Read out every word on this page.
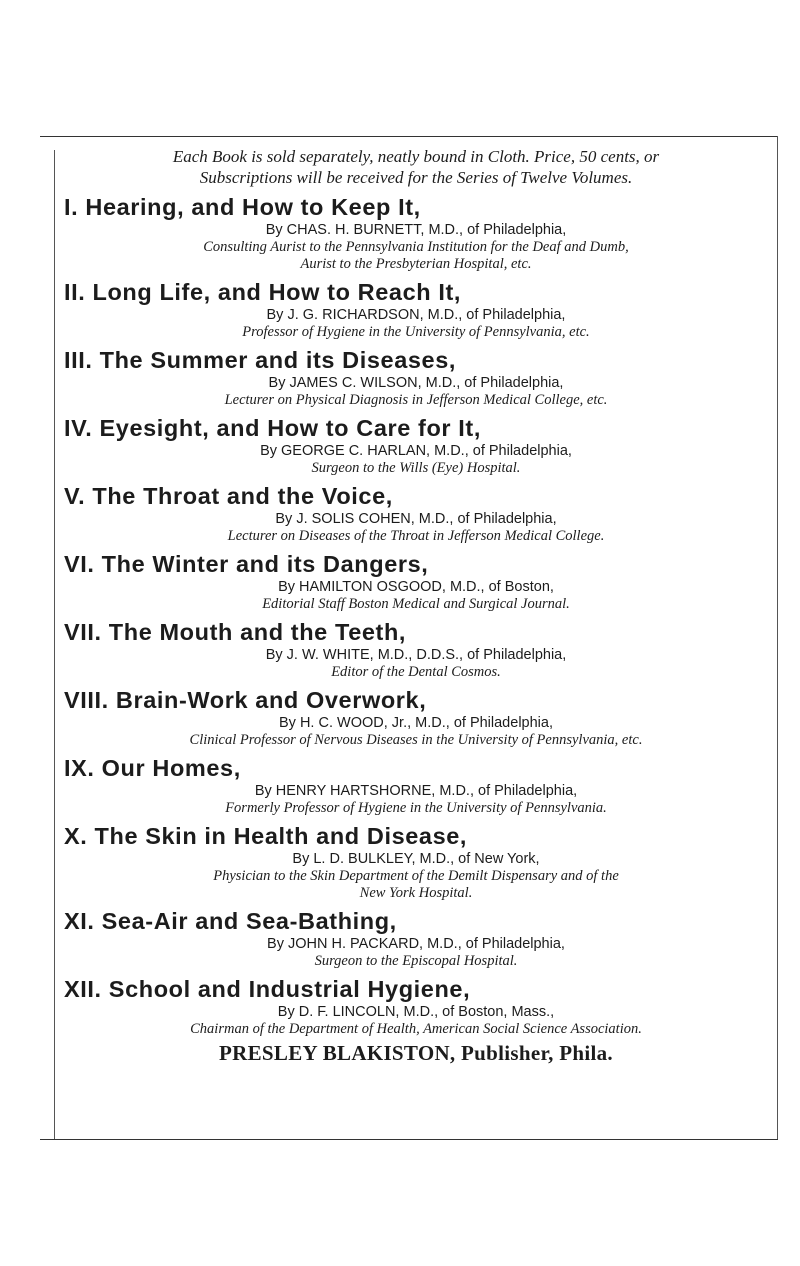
Each Book is sold separately, neatly bound in Cloth. Price, 50 cents, or
Subscriptions will be received for the Series of Twelve Volumes.
I. Hearing, and How to Keep It,
By CHAS. H. BURNETT, M.D., of Philadelphia,
Consulting Aurist to the Pennsylvania Institution for the Deaf and Dumb,
Aurist to the Presbyterian Hospital, etc.
II. Long Life, and How to Reach It,
By J. G. RICHARDSON, M.D., of Philadelphia,
Professor of Hygiene in the University of Pennsylvania, etc.
III. The Summer and its Diseases,
By JAMES C. WILSON, M.D., of Philadelphia,
Lecturer on Physical Diagnosis in Jefferson Medical College, etc.
IV. Eyesight, and How to Care for It,
By GEORGE C. HARLAN, M.D., of Philadelphia,
Surgeon to the Wills (Eye) Hospital.
V. The Throat and the Voice,
By J. SOLIS COHEN, M.D., of Philadelphia,
Lecturer on Diseases of the Throat in Jefferson Medical College.
VI. The Winter and its Dangers,
By HAMILTON OSGOOD, M.D., of Boston,
Editorial Staff Boston Medical and Surgical Journal.
VII. The Mouth and the Teeth,
By J. W. WHITE, M.D., D.D.S., of Philadelphia,
Editor of the Dental Cosmos.
VIII. Brain-Work and Overwork,
By H. C. WOOD, Jr., M.D., of Philadelphia,
Clinical Professor of Nervous Diseases in the University of Pennsylvania, etc.
IX. Our Homes,
By HENRY HARTSHORNE, M.D., of Philadelphia,
Formerly Professor of Hygiene in the University of Pennsylvania.
X. The Skin in Health and Disease,
By L. D. BULKLEY, M.D., of New York,
Physician to the Skin Department of the Demilt Dispensary and of the
New York Hospital.
XI. Sea-Air and Sea-Bathing,
By JOHN H. PACKARD, M.D., of Philadelphia,
Surgeon to the Episcopal Hospital.
XII. School and Industrial Hygiene,
By D. F. LINCOLN, M.D., of Boston, Mass.,
Chairman of the Department of Health, American Social Science Association.
PRESLEY BLAKISTON, Publisher, Phila.
